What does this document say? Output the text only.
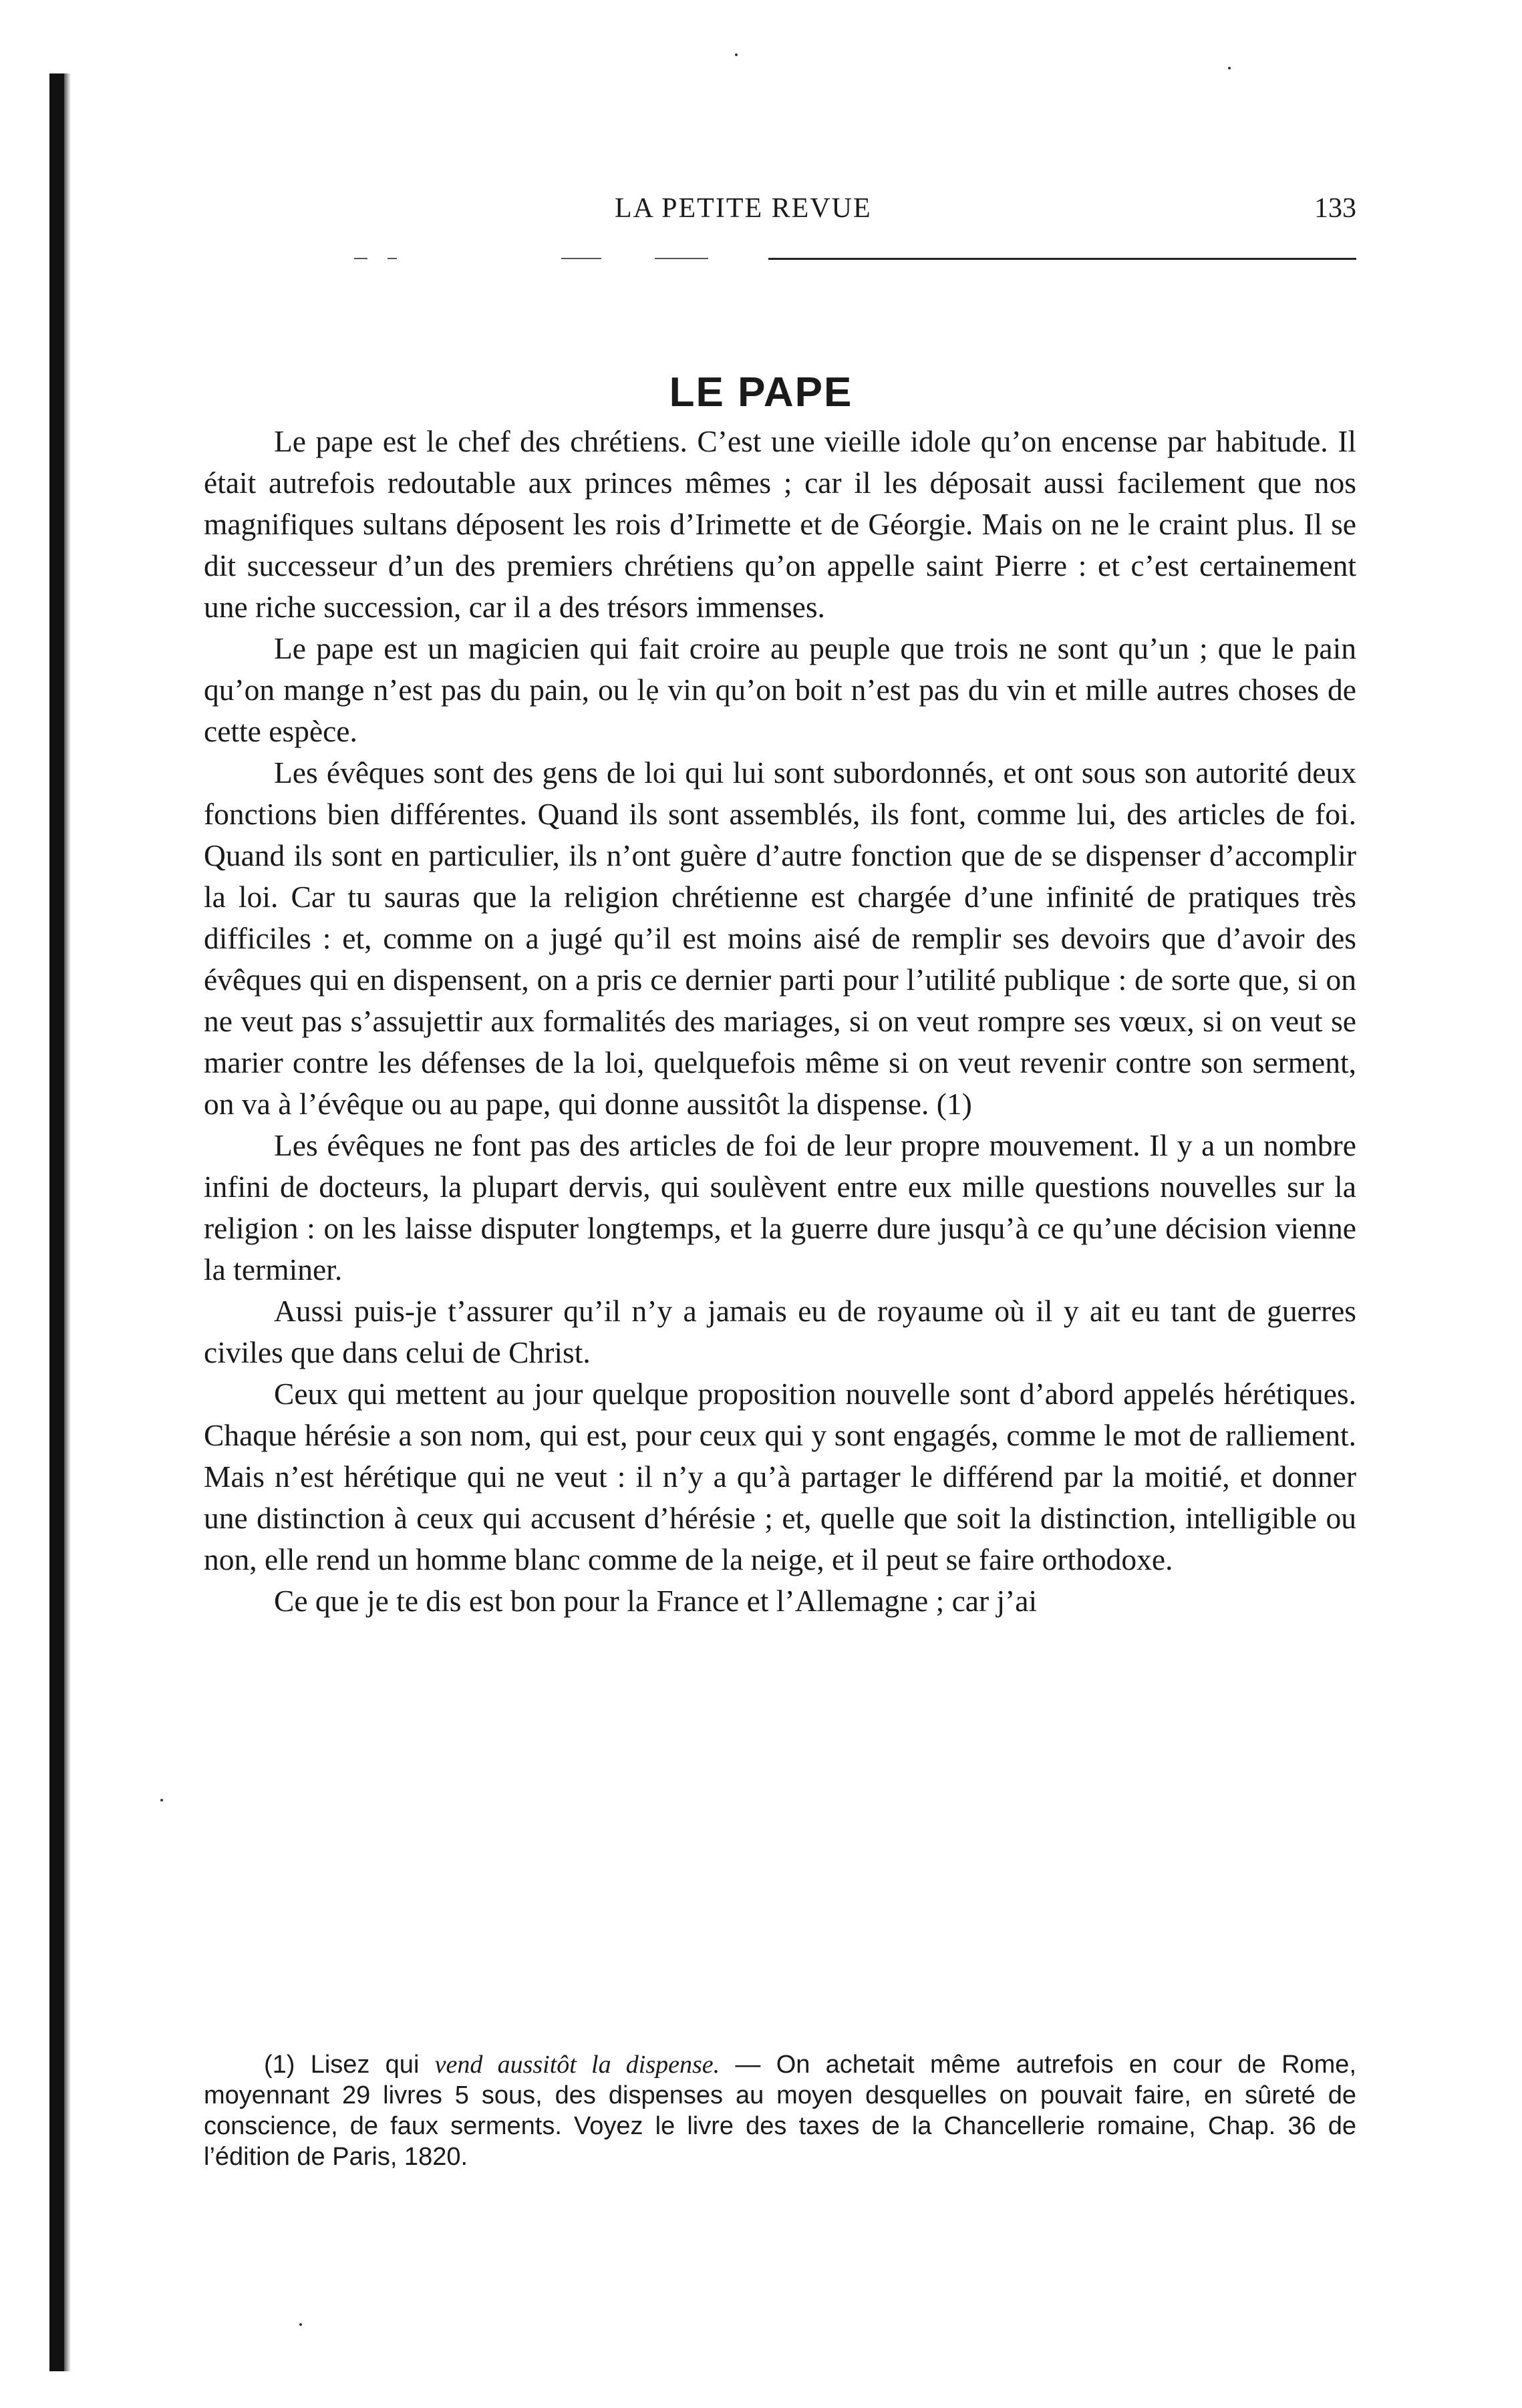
LA PETITE REVUE	133
LE PAPE

Le pape est le chef des chrétiens. C’est une vieille idole qu’on encense par habitude. Il était autrefois redoutable aux princes mêmes ; car il les déposait aussi facilement que nos magnifiques sultans déposent les rois d’Irimette et de Géorgie. Mais on ne le craint plus. Il se dit successeur d’un des premiers chrétiens qu’on appelle saint Pierre : et c’est certainement une riche succession, car il a des trésors immenses.

Le pape est un magicien qui fait croire au peuple que trois ne sont qu’un ; que le pain qu’on mange n’est pas du pain, ou le vin qu’on boit n’est pas du vin et mille autres choses de cette espèce.

Les évêques sont des gens de loi qui lui sont subordonnés, et ont sous son autorité deux fonctions bien différentes. Quand ils sont assemblés, ils font, comme lui, des articles de foi. Quand ils sont en particulier, ils n’ont guère d’autre fonction que de se dispenser d’accomplir la loi. Car tu sauras que la religion chrétienne est chargée d’une infinité de pratiques très difficiles : et, comme on a jugé qu’il est moins aisé de remplir ses devoirs que d’avoir des évêques qui en dispensent, on a pris ce dernier parti pour l’utilité publique : de sorte que, si on ne veut pas s’assujettir aux formalités des mariages, si on veut rompre ses vœux, si on veut se marier contre les défenses de la loi, quelquefois même si on veut revenir contre son serment, on va à l’évêque ou au pape, qui donne aussitôt la dispense. (1)

Les évêques ne font pas des articles de foi de leur propre mouvement. Il y a un nombre infini de docteurs, la plupart dervis, qui soulèvent entre eux mille questions nouvelles sur la religion : on les laisse disputer longtemps, et la guerre dure jusqu’à ce qu’une décision vienne la terminer.

Aussi puis-je t’assurer qu’il n’y a jamais eu de royaume où il y ait eu tant de guerres civiles que dans celui de Christ.

Ceux qui mettent au jour quelque proposition nouvelle sont d’abord appelés hérétiques. Chaque hérésie a son nom, qui est, pour ceux qui y sont engagés, comme le mot de ralliement. Mais n’est hérétique qui ne veut : il n’y a qu’à partager le différend par la moitié, et donner une distinction à ceux qui accusent d’hérésie ; et, quelle que soit la distinction, intelligible ou non, elle rend un homme blanc comme de la neige, et il peut se faire orthodoxe.

Ce que je te dis est bon pour la France et l’Allemagne ; car j’ai

(1) Lisez qui vend aussitôt la dispense. — On achetait même autrefois en cour de Rome, moyennant 29 livres 5 sous, des dispenses au moyen desquelles on pouvait faire, en sûreté de conscience, de faux serments. Voyez le livre des taxes de la Chancellerie romaine, Chap. 36 de l’édition de Paris, 1820.
